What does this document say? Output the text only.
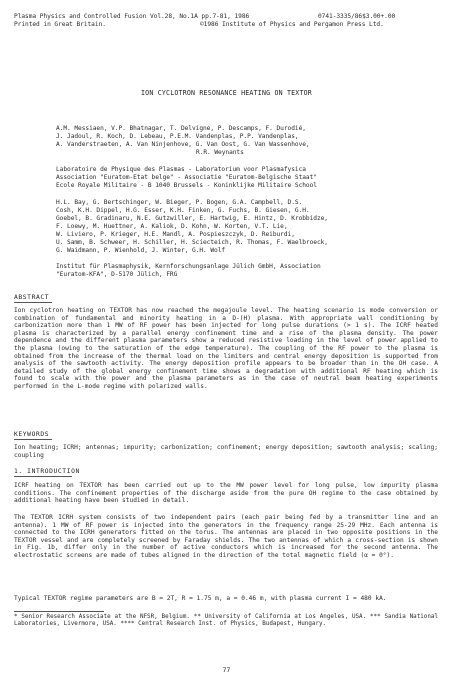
Plasma Physics and Controlled Fusion Vol.28, No.1A pp.7-81, 1986	0741-3335/86$3.00+.00
Printed in Great Britain.	©1986 Institute of Physics and Pergamon Press Ltd.
ION CYCLOTRON RESONANCE HEATING ON TEXTOR
A.M. Messiaen, V.P. Bhatnagar, T. Delvigne, P. Descamps, F. Durodié,
J. Jadoul, R. Koch, D. Lebeau, P.E.M. Vandenplas, P.P. Vandenplas,
A. Vanderstraeten, A. Van Ninjenhove, G. Van Oost, G. Van Wassenhove,
R.R. Weynants
Laboratoire de Physique des Plasmas - Laboratorium voor Plasmafysica
Association "Euratom-Etat belge" - Associatie "Euratom-Belgische Staat"
Ecole Royale Militaire - B 1040 Brussels - Koninklijke Militaire School
H.L. Bay, G. Bertschinger, W. Bieger, P. Bogen, G.A. Campbell, D.S.
Cosh, K.H. Dippel, H.G. Esser, K.H. Finken, G. Fuchs, B. Giesen, G.H.
Goebel, B. Gradinaru, N.E. Gutzwiller, E. Hartwig, E. Hintz, D. Krobbidze,
F. Loewy, M. Huettner, A. Kaliok, D. Kohn, W. Korten, V.T. Lie,
W. Liviero, P. Krieger, H.E. Mandl, A. Pospieszczyk, D. Reiburdi,
U. Samm, B. Schweer, H. Schiller, H. Sciecteich, R. Thomas, F. Waelbroeck,
G. Waidmann, P. Wienhold, J. Winter, G.H. Wolf
Institut für Plasmaphysik, Kernforschungsanlage Jülich GmbH, Association
"Euratom-KFA", D-5170 Jülich, FRG
ABSTRACT
Ion cyclotron heating on TEXTOR has now reached the megajoule level. The heating scenario is mode conversion or combination of fundamental and minority heating in a D-(H) plasma. With appropriate wall conditioning by carbonization more than 1 MW of RF power has been injected for long pulse durations (> 1 s). The ICRF heated plasma is characterized by a parallel energy confinement time and a rise of the plasma density. The power dependence and the different plasma parameters show a reduced resistive loading in the level of power applied to the plasma (owing to the saturation of the edge temperature). The coupling of the RF power to the plasma is obtained from the increase of the thermal load on the limiters and central energy deposition is supported from analysis of the sawtooth activity. The energy deposition profile appears to be broader than in the OH case. A detailed study of the global energy confinement time shows a degradation with additional RF heating which is found to scale with the power and the plasma parameters as in the case of neutral beam heating experiments performed in the L-mode regime with polarized walls.
KEYWORDS
Ion heating; ICRH; antennas; impurity; carbonization; confinement; energy deposition; sawtooth analysis; scaling; coupling
1. INTRODUCTION
ICRF heating on TEXTOR has been carried out up to the MW power level for long pulse, low impurity plasma conditions. The confinement properties of the discharge aside from the pure OH regime to the case obtained by additional heating have been studied in detail.
The TEXTOR ICRH system consists of two independent pairs (each pair being fed by a transmitter line and an antenna). 1 MW of RF power is injected into the generators in the frequency range 25-29 MHz. Each antenna is connected to the ICRH generators fitted on the torus. The antennas are placed in two opposite positions in the TEXTOR vessel and are completely screened by Faraday shields. The two antennas of which a cross-section is shown in Fig. 1b, differ only in the number of active conductors which is increased for the second antenna. The electrostatic screens are made of tubes aligned in the direction of the total magnetic field (α = 0°).
Typical TEXTOR regime parameters are B = 2T, R = 1.75 m, a = 0.46 m, with plasma current I = 480 kA.
* Senior Research Associate at the NFSR, Belgium. ** University of California at Los Angeles, USA. *** Sandia National Laboratories, Livermore, USA. **** Central Research Inst. of Physics, Budapest, Hungary.
77
